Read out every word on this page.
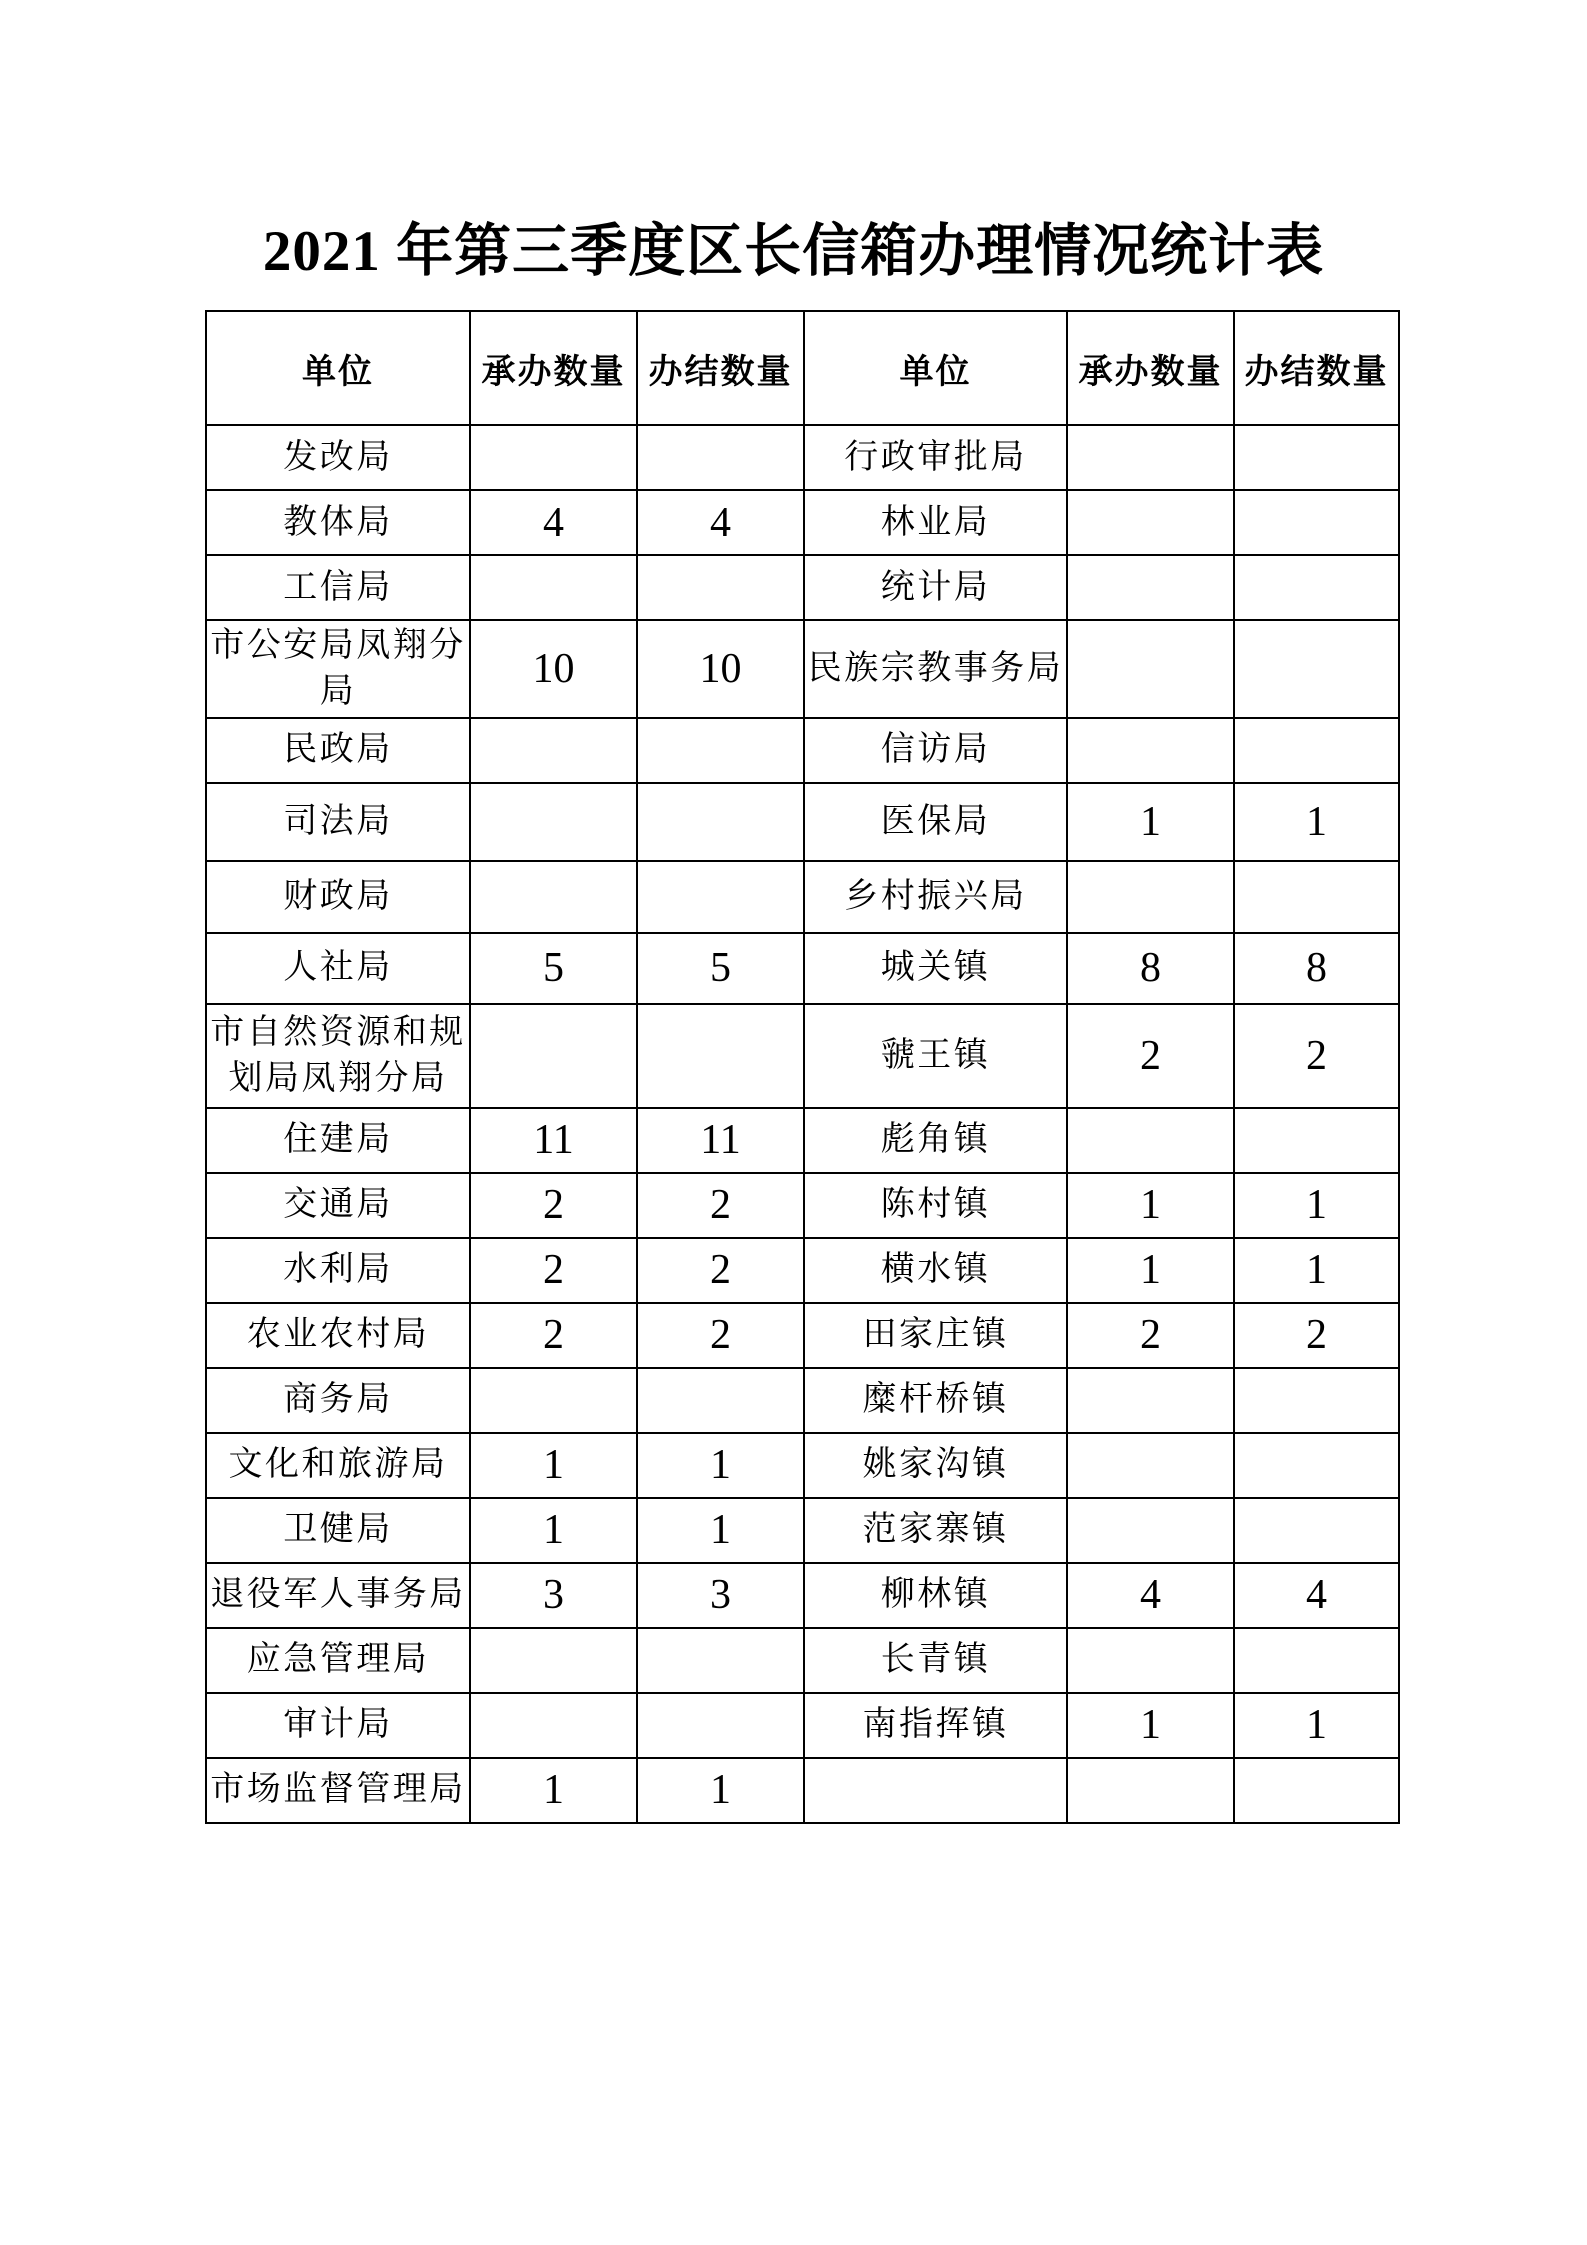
2021 年第三季度区长信箱办理情况统计表
单位	承办数量	办结数量	单位	承办数量	办结数量
发改局			行政审批局		
教体局	4	4	林业局		
工信局			统计局		
市公安局凤翔分局	10	10	民族宗教事务局		
民政局			信访局		
司法局			医保局	1	1
财政局			乡村振兴局		
人社局	5	5	城关镇	8	8
市自然资源和规划局凤翔分局			虢王镇	2	2
住建局	11	11	彪角镇		
交通局	2	2	陈村镇	1	1
水利局	2	2	横水镇	1	1
农业农村局	2	2	田家庄镇	2	2
商务局			糜杆桥镇		
文化和旅游局	1	1	姚家沟镇		
卫健局	1	1	范家寨镇		
退役军人事务局	3	3	柳林镇	4	4
应急管理局			长青镇		
审计局			南指挥镇	1	1
市场监督管理局	1	1			
